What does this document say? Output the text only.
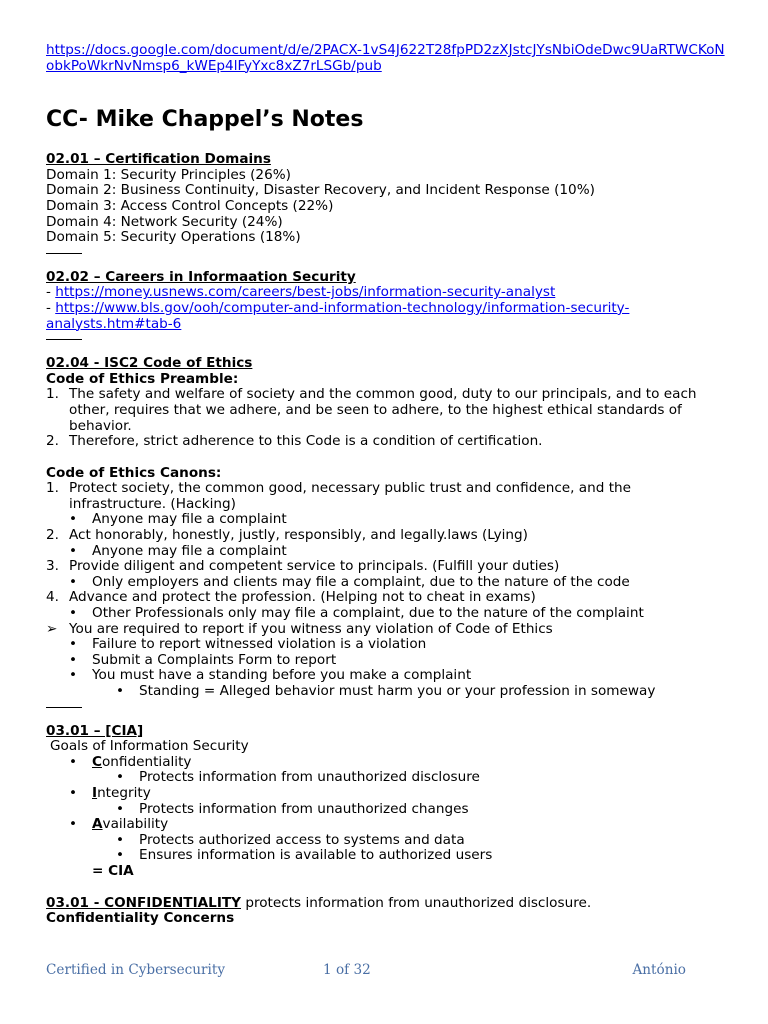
https://docs.google.com/document/d/e/2PACX-1vS4J622T28fpPD2zXJstcJYsNbiOdeDwc9UaRTWCKoNobkPoWkrNvNmsp6_kWEp4lFyYxc8xZ7rLSGb/pub
CC- Mike Chappel’s Notes
02.01 – Certification Domains
Domain 1: Security Principles (26%)
Domain 2: Business Continuity, Disaster Recovery, and Incident Response (10%)
Domain 3: Access Control Concepts (22%)
Domain 4: Network Security (24%)
Domain 5: Security Operations (18%)
02.02 – Careers in Informaation Security
- https://money.usnews.com/careers/best-jobs/information-security-analyst
- https://www.bls.gov/ooh/computer-and-information-technology/information-security-analysts.htm#tab-6
02.04 - ISC2 Code of Ethics
Code of Ethics Preamble:
1. The safety and welfare of society and the common good, duty to our principals, and to each other, requires that we adhere, and be seen to adhere, to the highest ethical standards of behavior.
2. Therefore, strict adherence to this Code is a condition of certification.
Code of Ethics Canons:
1. Protect society, the common good, necessary public trust and confidence, and the infrastructure. (Hacking)
• Anyone may file a complaint
2. Act honorably, honestly, justly, responsibly, and legally.laws (Lying)
• Anyone may file a complaint
3. Provide diligent and competent service to principals. (Fulfill your duties)
• Only employers and clients may file a complaint, due to the nature of the code
4. Advance and protect the profession. (Helping not to cheat in exams)
• Other Professionals only may file a complaint, due to the nature of the complaint
➢ You are required to report if you witness any violation of Code of Ethics
• Failure to report witnessed violation is a violation
• Submit a Complaints Form to report
• You must have a standing before you make a complaint
• Standing = Alleged behavior must harm you or your profession in someway
03.01 – [CIA]
Goals of Information Security
• Confidentiality
• Protects information from unauthorized disclosure
• Integrity
• Protects information from unauthorized changes
• Availability
• Protects authorized access to systems and data
• Ensures information is available to authorized users
= CIA
03.01 - CONFIDENTIALITY protects information from unauthorized disclosure.
Confidentiality Concerns
Certified in Cybersecurity	1 of 32	António
